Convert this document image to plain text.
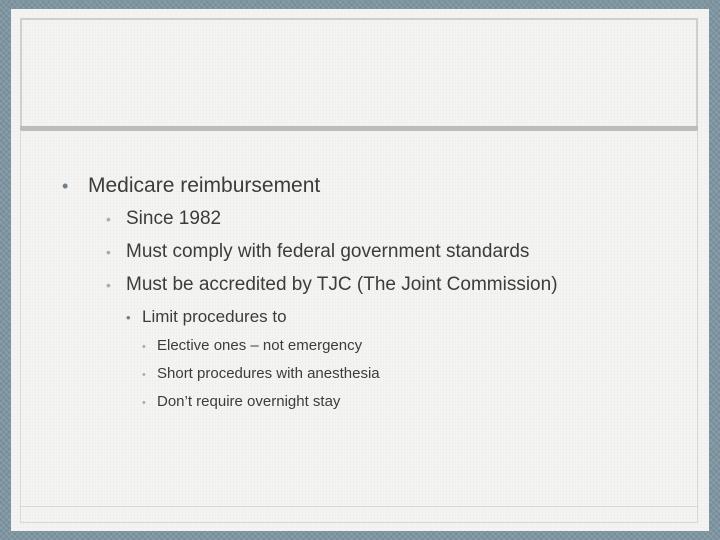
• Medicare reimbursement
• Since 1982
• Must comply with federal government standards
• Must be accredited by TJC (The Joint Commission)
• Limit procedures to
• Elective ones – not emergency
• Short procedures with anesthesia
• Don’t require overnight stay
